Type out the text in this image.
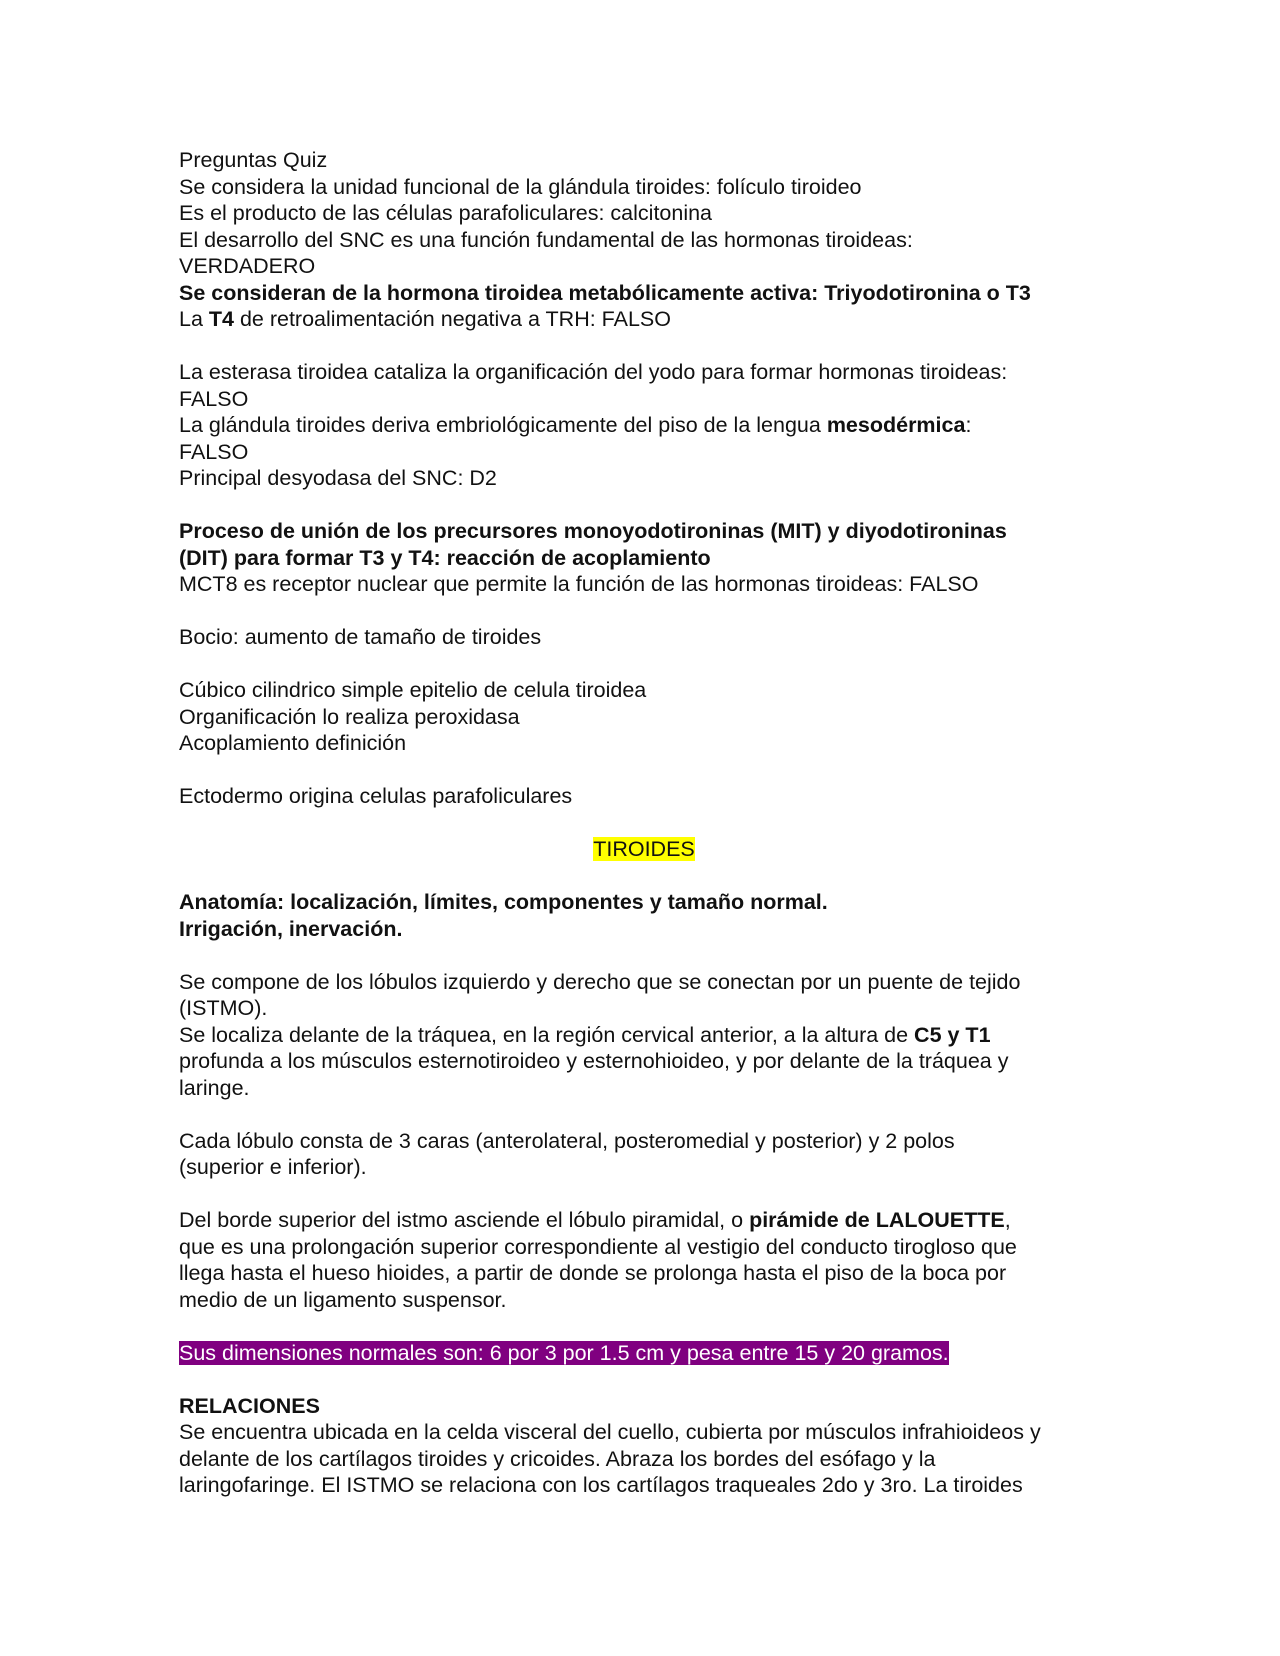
Preguntas Quiz
Se considera la unidad funcional de la glándula tiroides: folículo tiroideo
Es el producto de las células parafoliculares: calcitonina
El desarrollo del SNC es una función fundamental de las hormonas tiroideas:
VERDADERO
Se consideran de la hormona tiroidea metabólicamente activa: Triyodotironina o T3
La T4 de retroalimentación negativa a TRH: FALSO
La esterasa tiroidea cataliza la organificación del yodo para formar hormonas tiroideas:
FALSO
La glándula tiroides deriva embriológicamente del piso de la lengua mesodérmica:
FALSO
Principal desyodasa del SNC: D2
Proceso de unión de los precursores monoyodotironinas (MIT) y diyodotironinas
(DIT) para formar T3 y T4: reacción de acoplamiento
MCT8 es receptor nuclear que permite la función de las hormonas tiroideas: FALSO
Bocio: aumento de tamaño de tiroides
Cúbico cilindrico simple epitelio de celula tiroidea
Organificación lo realiza peroxidasa
Acoplamiento definición
Ectodermo origina celulas parafoliculares
TIROIDES
Anatomía: localización, límites, componentes y tamaño normal.
Irrigación, inervación.
Se compone de los lóbulos izquierdo y derecho que se conectan por un puente de tejido
(ISTMO).
Se localiza delante de la tráquea, en la región cervical anterior, a la altura de C5 y T1
profunda a los músculos esternotiroideo y esternohioideo, y por delante de la tráquea y
laringe.
Cada lóbulo consta de 3 caras (anterolateral, posteromedial y posterior) y 2 polos
(superior e inferior).
Del borde superior del istmo asciende el lóbulo piramidal, o pirámide de LALOUETTE,
que es una prolongación superior correspondiente al vestigio del conducto tirogloso que
llega hasta el hueso hioides, a partir de donde se prolonga hasta el piso de la boca por
medio de un ligamento suspensor.
Sus dimensiones normales son: 6 por 3 por 1.5 cm y pesa entre 15 y 20 gramos.
RELACIONES
Se encuentra ubicada en la celda visceral del cuello, cubierta por músculos infrahioideos y
delante de los cartílagos tiroides y cricoides. Abraza los bordes del esófago y la
laringofaringe. El ISTMO se relaciona con los cartílagos traqueales 2do y 3ro. La tiroides
